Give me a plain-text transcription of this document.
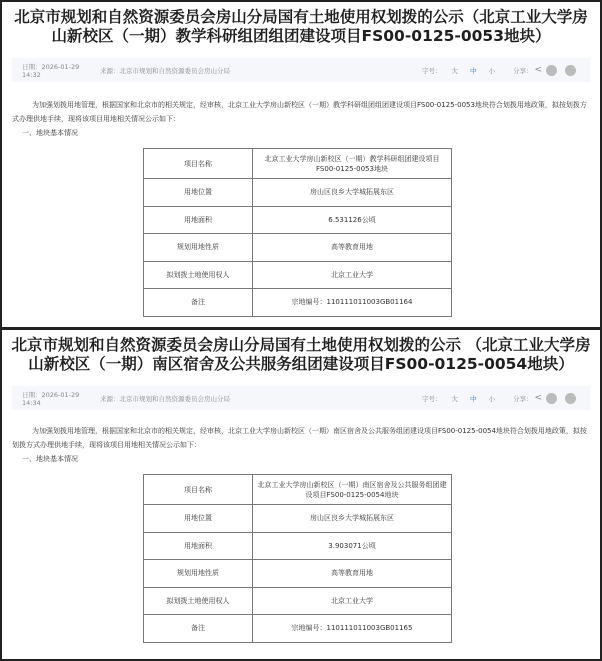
北京市规划和自然资源委员会房山分局国有土地使用权划拨的公示（北京工业大学房山新校区（一期）教学科研组团组团建设项目FS00-0125-0053地块）
日期：2026-01-29 14:32	来源：北京市规划和自然资源委员会房山分局	字号： 大 中 小	分享： <

为加强划拨用地管理，根据国家和北京市的相关规定，经审核，北京工业大学房山新校区（一期）教学科研组团组团建设项目FS00-0125-0053地块符合划拨用地政策，拟按划拨方式办理供地手续，现将该项目用地相关情况公示如下：

一、地块基本情况

项目名称	北京工业大学房山新校区（一期）教学科研组团建设项目FS00-0125-0053地块
用地位置	房山区良乡大学城拓展东区
用地面积	6.531126公顷
规划用地性质	高等教育用地
拟划拨土地使用权人	北京工业大学
备注	宗地编号：110111011003GB01164
北京市规划和自然资源委员会房山分局国有土地使用权划拨的公示 （北京工业大学房山新校区（一期）南区宿舍及公共服务组团建设项目FS00-0125-0054地块）
日期：2026-01-29 14:34	来源：北京市规划和自然资源委员会房山分局	字号： 大 中 小	分享： <

为加强划拨用地管理，根据国家和北京市的相关规定，经审核，北京工业大学房山新校区（一期）南区宿舍及公共服务组团建设项目FS00-0125-0054地块符合划拨用地政策，拟按划拨方式办理供地手续，现将该项目用地相关情况公示如下：

一、地块基本情况

项目名称	北京工业大学房山新校区（一期）南区宿舍及公共服务组团建设项目FS00-0125-0054地块
用地位置	房山区良乡大学城拓展东区
用地面积	3.903071公顷
规划用地性质	高等教育用地
拟划拨土地使用权人	北京工业大学
备注	宗地编号：110111011003GB01165
